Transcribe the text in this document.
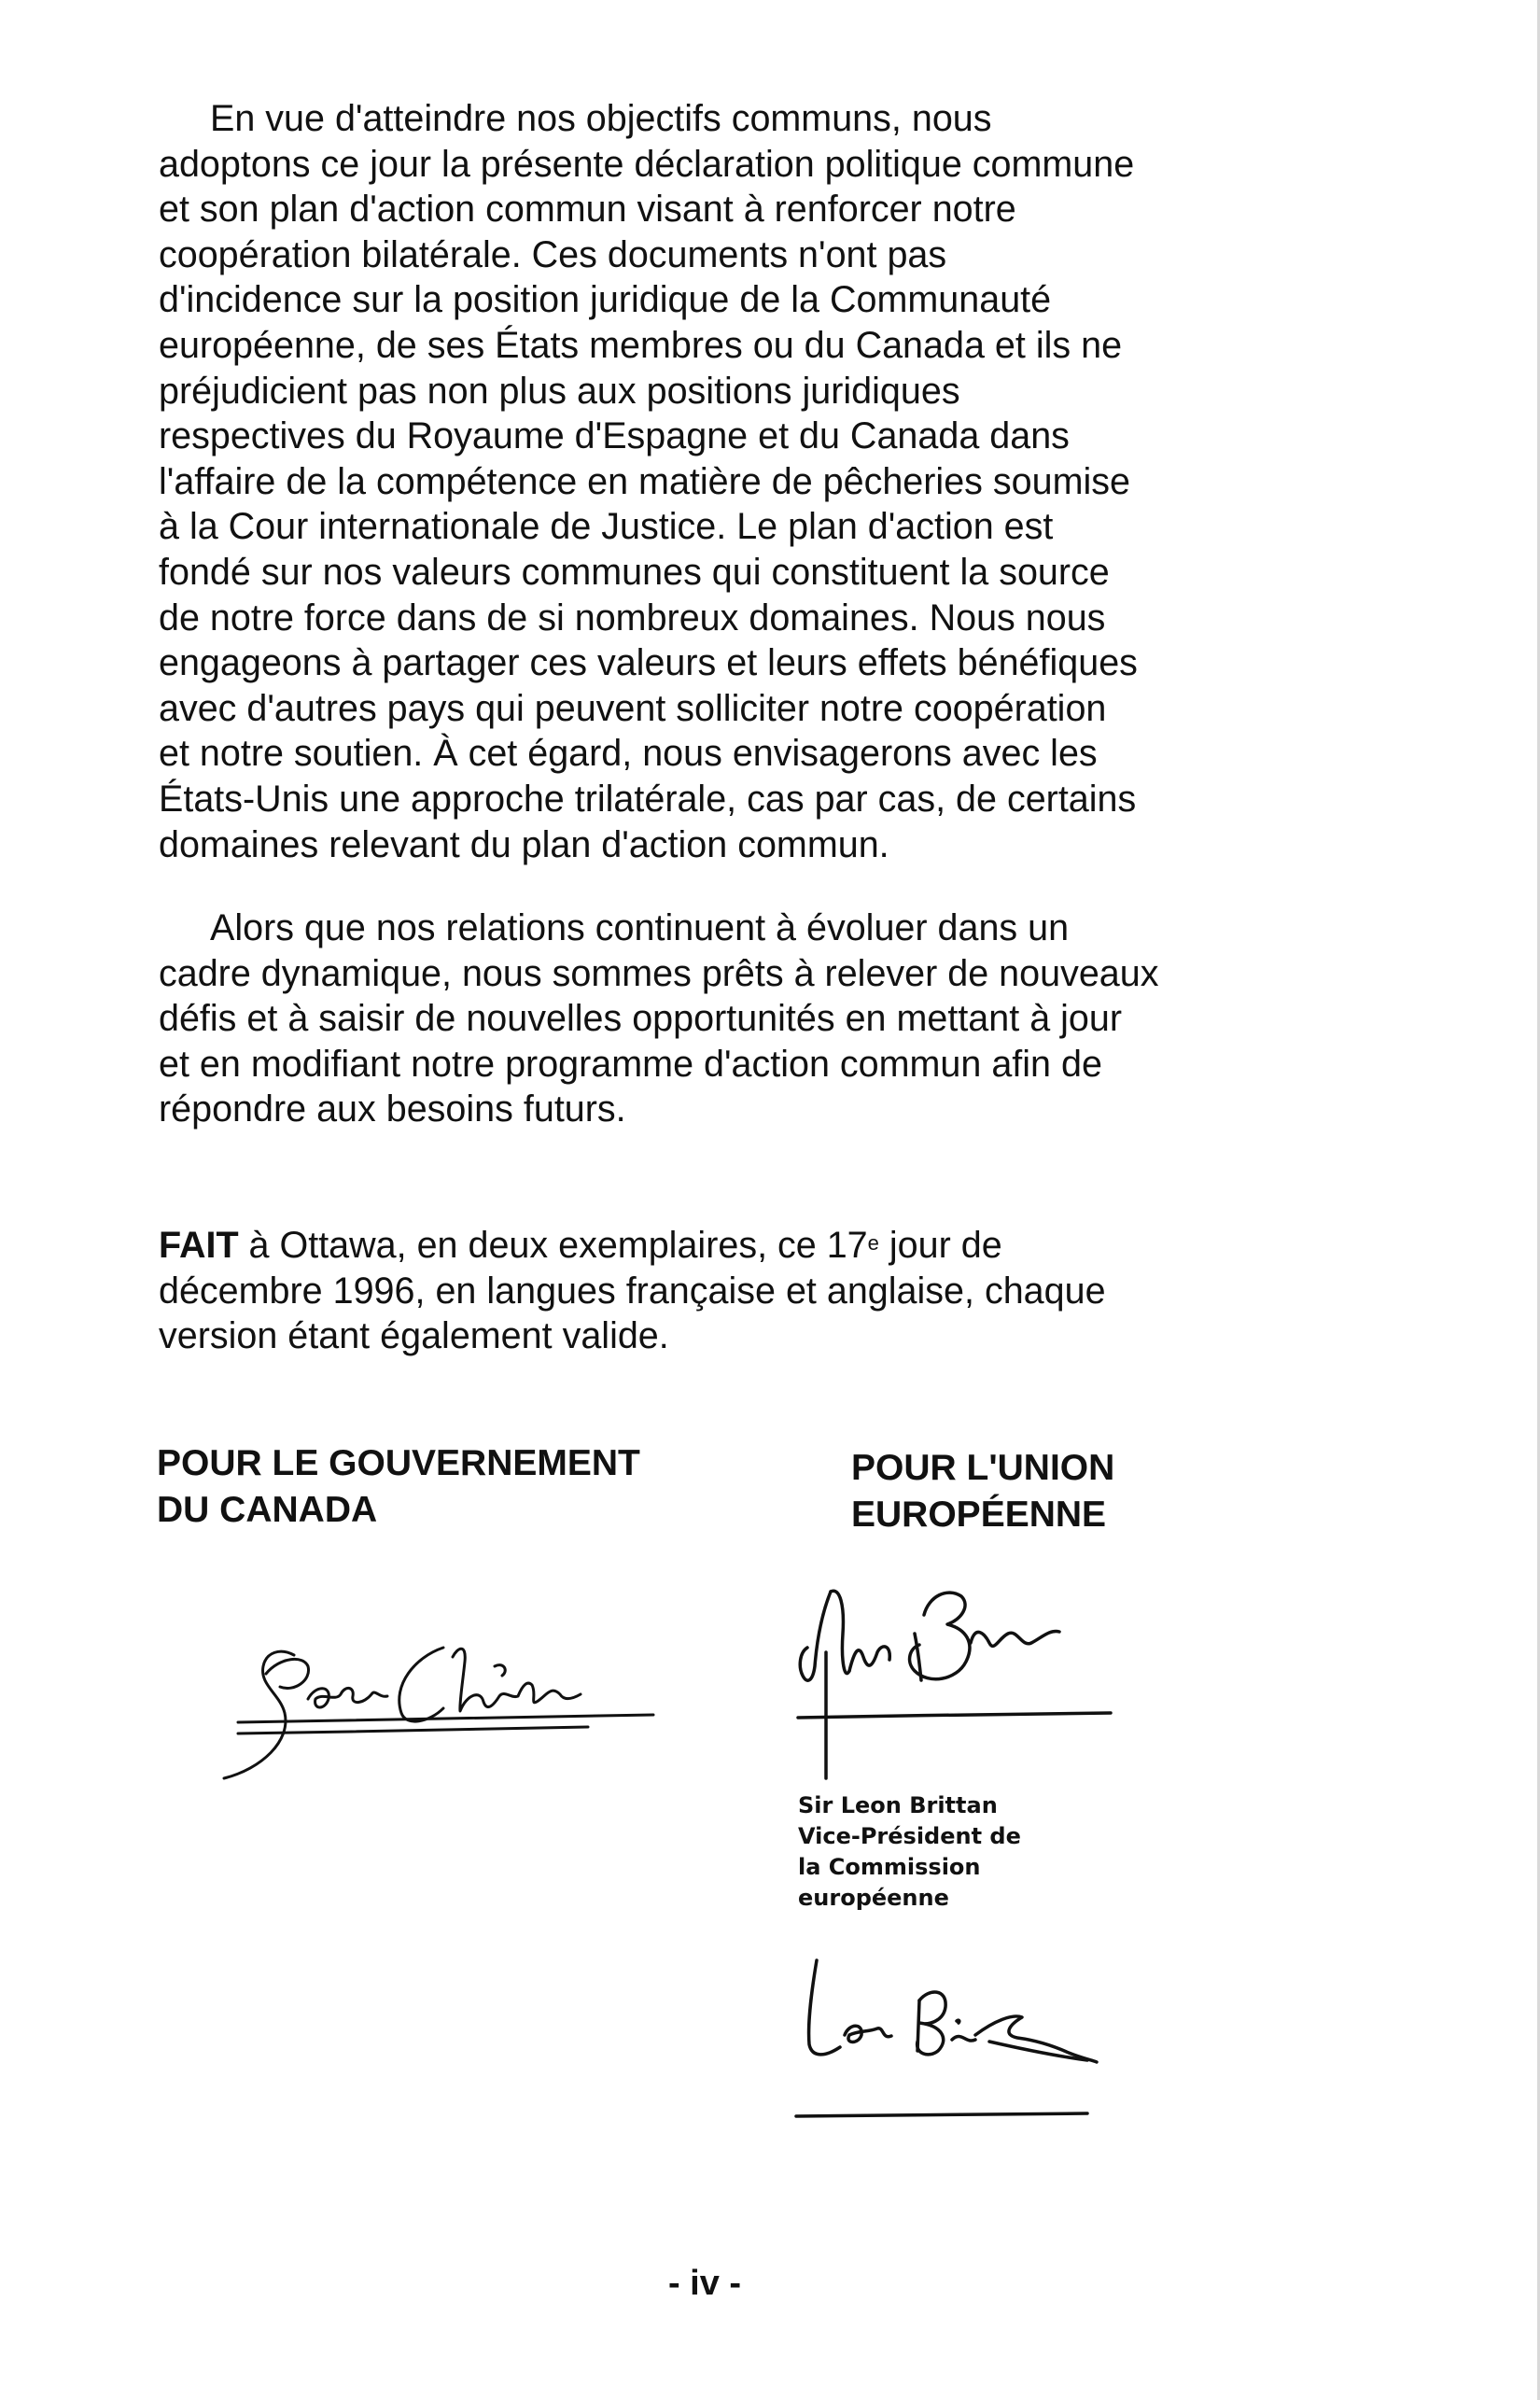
En vue d'atteindre nos objectifs communs, nous
adoptons ce jour la présente déclaration politique commune
et son plan d'action commun visant à renforcer notre
coopération bilatérale. Ces documents n'ont pas
d'incidence sur la position juridique de la Communauté
européenne, de ses États membres ou du Canada et ils ne
préjudicient pas non plus aux positions juridiques
respectives du Royaume d'Espagne et du Canada dans
l'affaire de la compétence en matière de pêcheries soumise
à la Cour internationale de Justice. Le plan d'action est
fondé sur nos valeurs communes qui constituent la source
de notre force dans de si nombreux domaines. Nous nous
engageons à partager ces valeurs et leurs effets bénéfiques
avec d'autres pays qui peuvent solliciter notre coopération
et notre soutien. À cet égard, nous envisagerons avec les
États-Unis une approche trilatérale, cas par cas, de certains
domaines relevant du plan d'action commun.

Alors que nos relations continuent à évoluer dans un
cadre dynamique, nous sommes prêts à relever de nouveaux
défis et à saisir de nouvelles opportunités en mettant à jour
et en modifiant notre programme d'action commun afin de
répondre aux besoins futurs.

FAIT à Ottawa, en deux exemplaires, ce 17e jour de
décembre 1996, en langues française et anglaise, chaque
version étant également valide.

POUR LE GOUVERNEMENT
DU CANADA
POUR L'UNION
EUROPÉENNE
Sir Leon Brittan
Vice-Président de
la Commission
européenne
- iv -
